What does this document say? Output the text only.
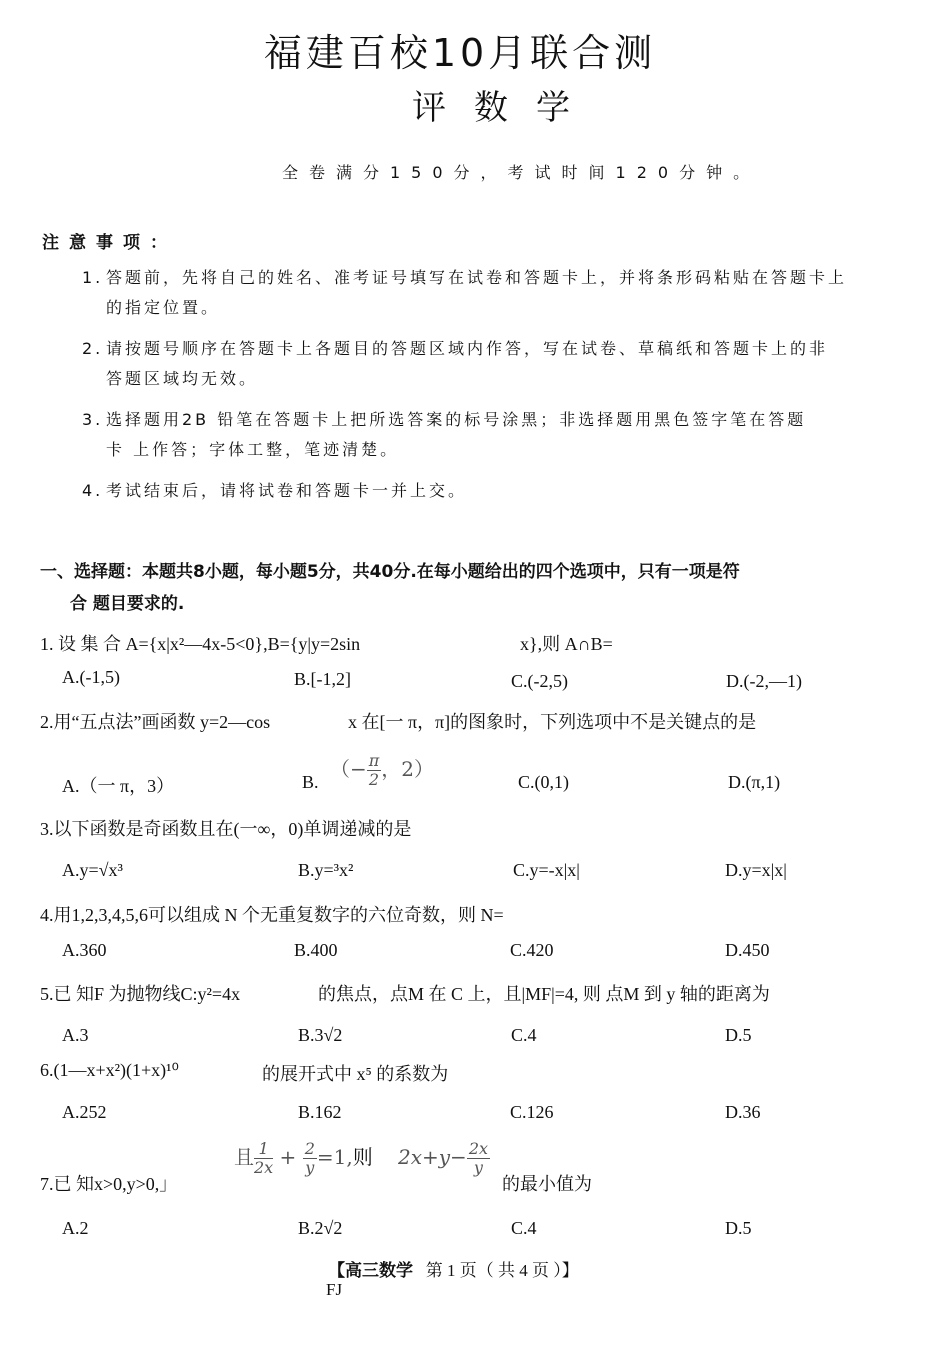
福建百校10月联合测
评数学
全卷满分150分，考试时间120分钟。
注意事项：
1. 答题前，先将自己的姓名、准考证号填写在试卷和答题卡上，并将条形码粘贴在答题卡上
的指定位置。
2. 请按题号顺序在答题卡上各题目的答题区域内作答，写在试卷、草稿纸和答题卡上的非
答题区域均无效。
3. 选择题用2B 铅笔在答题卡上把所选答案的标号涂黑；非选择题用黑色签字笔在答题
卡 上作答；字体工整，笔迹清楚。
4. 考试结束后，请将试卷和答题卡一并上交。
一、选择题：本题共8小题，每小题5分，共40分.在每小题给出的四个选项中，只有一项是符
合 题目要求的.
1. 设 集 合 A={x|x²—4x-5<0},B={y|y=2sin	x},则 A∩B=
A.(-1,5)	B.[-1,2]	C.(-2,5)	D.(-2,—1)
2.用“五点法”画函数 y=2—cos	x 在[一 π，π]的图象时，下列选项中不是关键点的是
A.（一 π，3）	B.
（− $\frac{\pi}{2}$ ，2）
C.(0,1)	D.(π,1)
3.以下函数是奇函数且在(一∞，0)单调递减的是
A.y=√x³	B.y=³x²	C.y=-x|x|	D.y=x|x|
4.用1,2,3,4,5,6可以组成 N 个无重复数字的六位奇数，则 N=
A.360	B.400	C.420	D.450
5.已 知F 为抛物线C:y²=4x	的焦点，点M 在 C 上，且|MF|=4, 则 点M 到 y 轴的距离为
A.3	B.3√2	C.4	D.5
6.(1—x+x²)(1+x)¹⁰	的展开式中 x⁵ 的系数为
A.252	B.162	C.126	D.36
7.已 知x>0,y>0,」
且 $\frac{1}{2x} + \frac{2}{y} =1$,则 $2x+y- \frac{2x}{y}$
的最小值为
A.2	B.2√2	C.4	D.5
【高三数学 第 1 页（ 共 4 页 ）】
FJ
